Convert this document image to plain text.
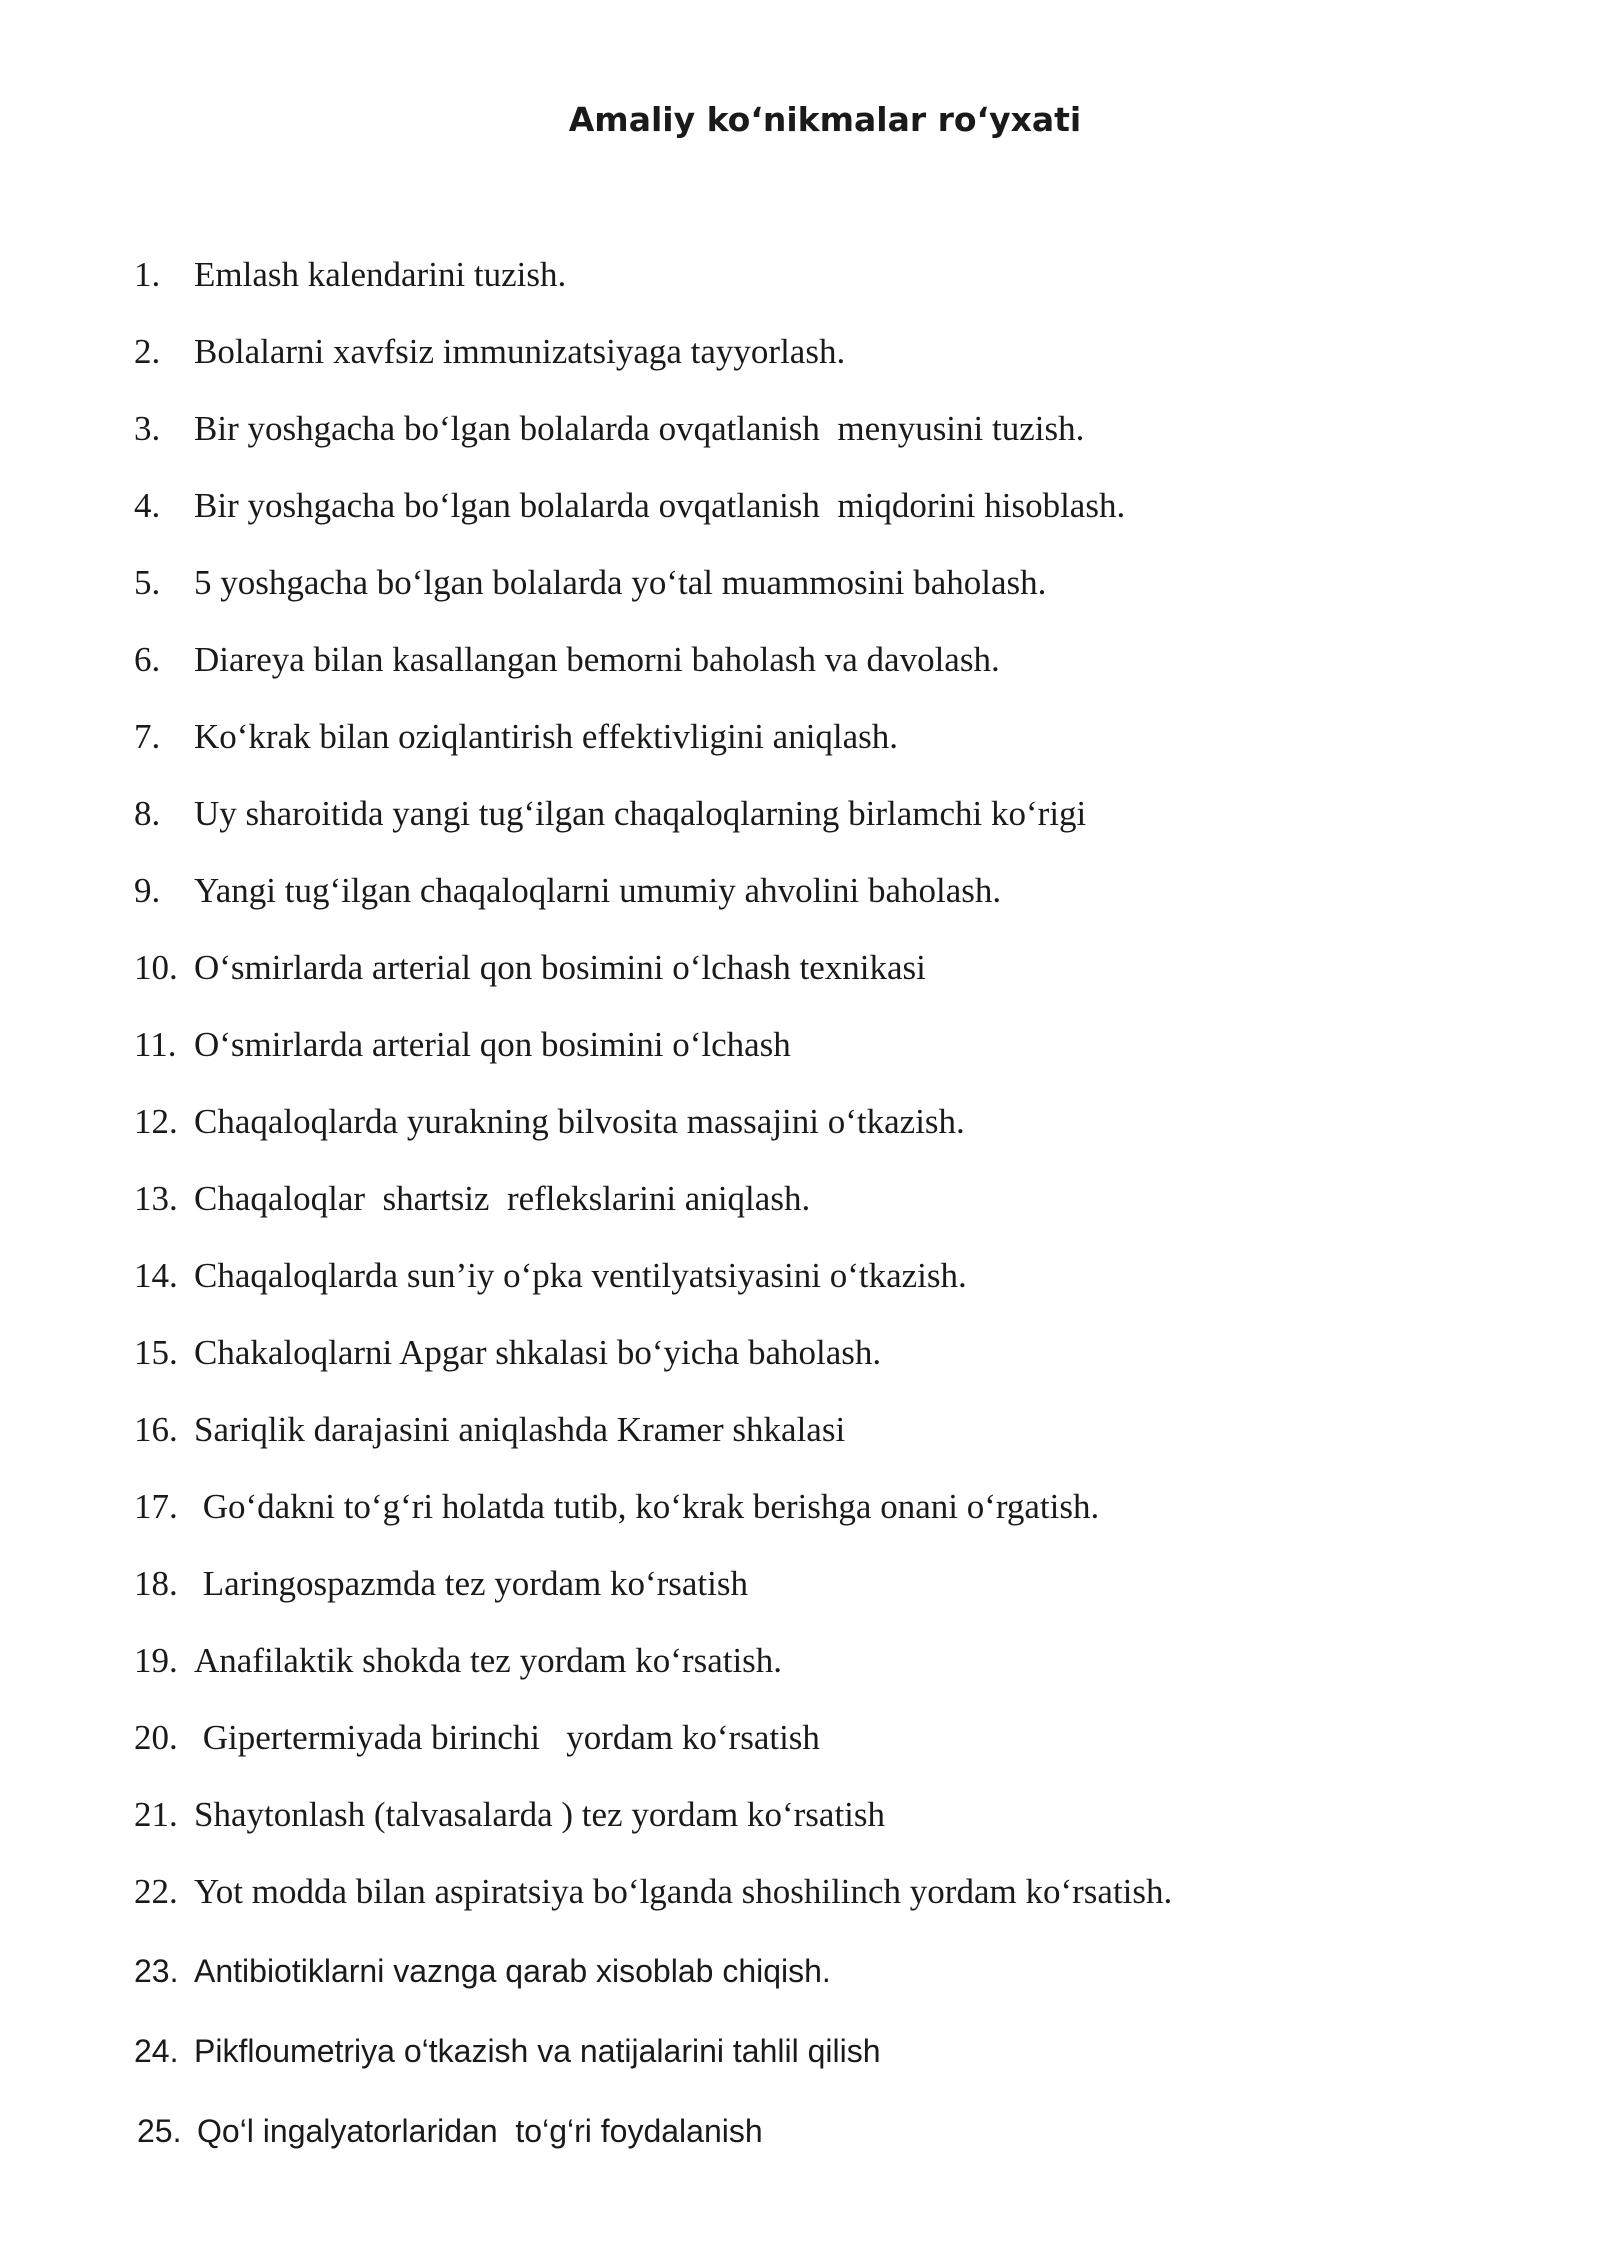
Amaliy ko‘nikmalar ro‘yxati
1. Emlash kalendarini tuzish.
2. Bolalarni xavfsiz immunizatsiyaga tayyorlash.
3. Bir yoshgacha bo‘lgan bolalarda ovqatlanish  menyusini tuzish.
4. Bir yoshgacha bo‘lgan bolalarda ovqatlanish  miqdorini hisoblash.
5. 5 yoshgacha bo‘lgan bolalarda yo‘tal muammosini baholash.
6. Diareya bilan kasallangan bemorni baholash va davolash.
7. Ko‘krak bilan oziqlantirish effektivligini aniqlash.
8. Uy sharoitida yangi tug‘ilgan chaqaloqlarning birlamchi ko‘rigi
9. Yangi tug‘ilgan chaqaloqlarni umumiy ahvolini baholash.
10. O‘smirlarda arterial qon bosimini o‘lchash texnikasi
11. O‘smirlarda arterial qon bosimini o‘lchash
12. Chaqaloqlarda yurakning bilvosita massajini o‘tkazish.
13. Chaqaloqlar  shartsiz  reflekslarini aniqlash.
14. Chaqaloqlarda sun’iy o‘pka ventilyatsiyasini o‘tkazish.
15. Chakaloqlarni Apgar shkalasi bo‘yicha baholash.
16. Sariqlik darajasini aniqlashda Kramer shkalasi
17. Go‘dakni to‘g‘ri holatda tutib, ko‘krak berishga onani o‘rgatish.
18. Laringospazmda tez yordam ko‘rsatish
19. Anafilaktik shokda tez yordam ko‘rsatish.
20. Gipertermiyada birinchi   yordam ko‘rsatish
21. Shaytonlash (talvasalarda ) tez yordam ko‘rsatish
22. Yot modda bilan aspiratsiya bo‘lganda shoshilinch yordam ko‘rsatish.
23. Antibiotiklarni vaznga qarab xisoblab chiqish.
24. Pikfloumetriya o‘tkazish va natijalarini tahlil qilish
25. Qo‘l ingalyatorlaridan  to‘g‘ri foydalanish
